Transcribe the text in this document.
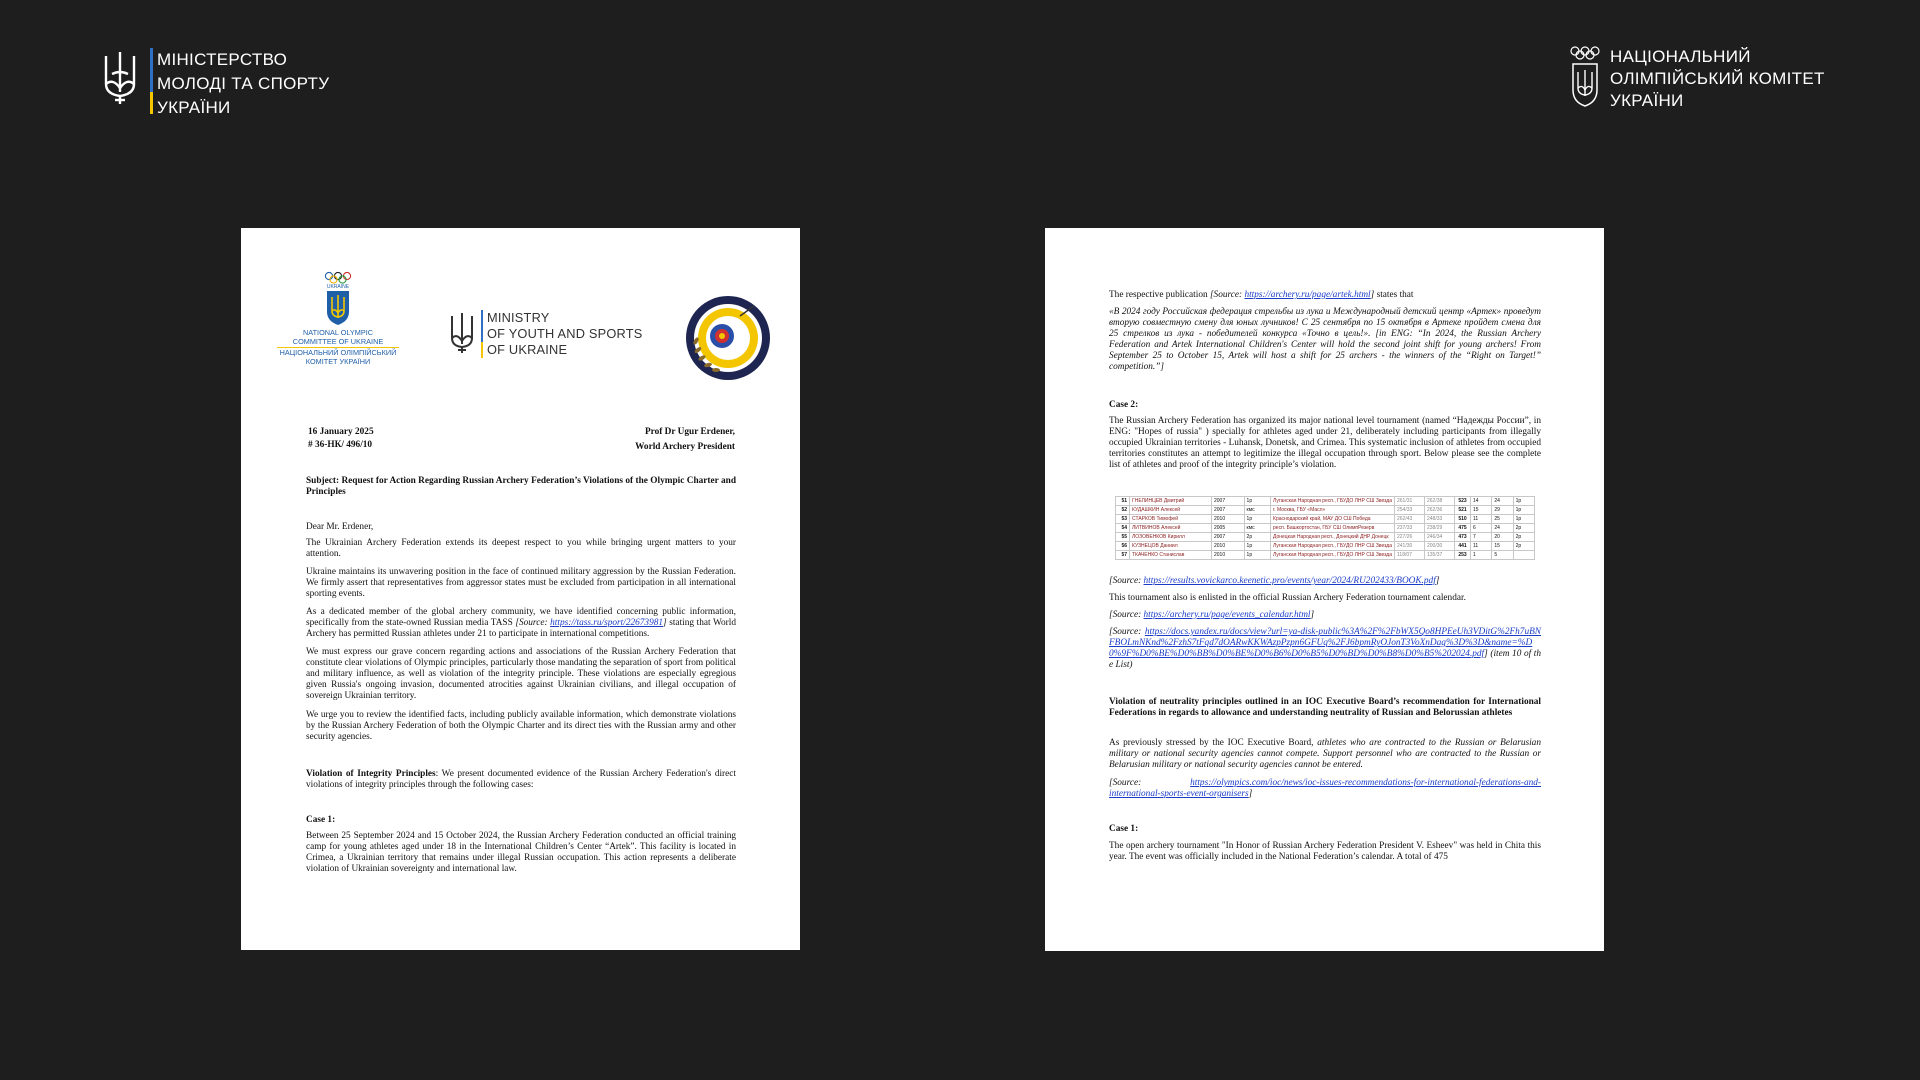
МІНІСТЕРСТВО
МОЛОДІ ТА СПОРТУ
УКРАЇНИ
НАЦІОНАЛЬНИЙ
ОЛІМПІЙСЬКИЙ КОМІТЕТ
УКРАЇНИ
UKRAINE
NATIONAL OLYMPIC
COMMITTEE OF UKRAINE
НАЦІОНАЛЬНИЙ ОЛІМПІЙСЬКИЙ
КОМІТЕТ УКРАЇНИ
MINISTRY
OF YOUTH AND SPORTS
OF UKRAINE
16 January 2025
# 36-НК/ 496/10
Prof Dr Ugur Erdener,
World Archery President
Subject: Request for Action Regarding Russian Archery Federation’s Violations of the Olympic Charter and Principles
Dear Mr. Erdener,
The Ukrainian Archery Federation extends its deepest respect to you while bringing urgent matters to your attention.
Ukraine maintains its unwavering position in the face of continued military aggression by the Russian Federation. We firmly assert that representatives from aggressor states must be excluded from participation in all international sporting events.
As a dedicated member of the global archery community, we have identified concerning public information, specifically from the state-owned Russian media TASS [Source: https://tass.ru/sport/22673981] stating that World Archery has permitted Russian athletes under 21 to participate in international competitions.
We must express our grave concern regarding actions and associations of the Russian Archery Federation that constitute clear violations of Olympic principles, particularly those mandating the separation of sport from political and military influence, as well as violation of the integrity principle. These violations are especially egregious given Russia's ongoing invasion, documented atrocities against Ukrainian civilians, and illegal occupation of sovereign Ukrainian territory.
We urge you to review the identified facts, including publicly available information, which demonstrate violations by the Russian Archery Federation of both the Olympic Charter and its direct ties with the Russian army and other security agencies.
Violation of Integrity Principles: We present documented evidence of the Russian Archery Federation's direct violations of integrity principles through the following cases:
Case 1:
Between 25 September 2024 and 15 October 2024, the Russian Archery Federation conducted an official training camp for young athletes aged under 18 in the International Children’s Center “Artek”. This facility is located in Crimea, a Ukrainian territory that remains under illegal Russian occupation. This action represents a deliberate violation of Ukrainian sovereignty and international law.
The respective publication [Source: https://archery.ru/page/artek.html] states that
«В 2024 году Российская федерация стрельбы из лука и Международный детский центр «Артек» проведут вторую совместную смену для юных лучников! С 25 сентября по 15 октября в Артеке пройдет смена для 25 стрелков из лука - победителей конкурса «Точно в цель!». [in ENG: “In 2024, the Russian Archery Federation and Artek International Children's Center will hold the second joint shift for young archers! From September 25 to October 15, Artek will host a shift for 25 archers - the winners of the “Right on Target!” competition.”]
Case 2:
The Russian Archery Federation has organized its major national level tournament (named “Надежды России”, in ENG: "Hopes of russia" ) specially for athletes aged under 21, deliberately including participants from illegally occupied Ukrainian territories - Luhansk, Donetsk, and Crimea. This systematic inclusion of athletes from occupied territories constitutes an attempt to legitimize the illegal occupation through sport. Below please see the complete list of athletes and proof of the integrity principle’s violation.
51	ГНЕЛИНЦЕВ Дмитрий	2007	1р	Луганская Народная респ., ГБУДО ЛНР СШ Звезда	261/31	262/38	523	14	24	1р
52	КУДАШКИН Алексей	2007	кмс	г. Москва, ГБУ «Масл»	254/33	262/36	521	15	29	1р
53	СТАРКОВ Тимофей	2010	1р	Краснодарский край, МАУ ДО СШ Победа	262/43	248/33	510	11	25	1р
54	ЛИТВИНОВ Алексей	2005	кмс	респ. Башкортостан, ГБУ СШ ОлимпРезерв	237/33	238/29	475	6	24	2р
55	ЛОЗОВЕНКОВ Кирилл	2007	2р	Донецкая Народная респ., Донецкий ДНР Донецк	227/26	246/34	473	7	20	2р
56	КУЗНЕЦОВ Даниил	2010	1р	Луганская Народная респ., ГБУДО ЛНР СШ Звезда	241/30	200/30	441	11	15	2р
57	ТКАЧЕНКО Станислав	2010	1р	Луганская Народная респ., ГБУДО ЛНР СШ Звезда	118/07	135/37	253	1	5	
[Source: https://results.vovickarco.keenetic.pro/events/year/2024/RU202433/BOOK.pdf]
This tournament also is enlisted in the official Russian Archery Federation tournament calendar.
[Source: https://archery.ru/page/events_calendar.html]
[Source: https://docs.yandex.ru/docs/view?url=ya-disk-public%3A%2F%2FbWX5Qo8HPEeUh3VDitG%2Fh7uBNFBOLmNKnd%2FzhS7tFqd7dOARwKKWAzpPzpn6GFUq%2FJ6bpmRyOJonT3VoXnDag%3D%3D&name=%D0%9F%D0%BE%D0%BB%D0%BE%D0%B6%D0%B5%D0%BD%D0%B8%D0%B5%202024.pdf] (item 10 of the List)
Violation of neutrality principles outlined in an IOC Executive Board’s recommendation for International Federations in regards to allowance and understanding neutrality of Russian and Belorussian athletes
As previously stressed by the IOC Executive Board, athletes who are contracted to the Russian or Belarusian military or national security agencies cannot compete. Support personnel who are contracted to the Russian or Belarusian military or national security agencies cannot be entered.
[Source: https://olympics.com/ioc/news/ioc-issues-recommendations-for-international-federations-and-international-sports-event-organisers]
Case 1:
The open archery tournament "In Honor of Russian Archery Federation President V. Esheev" was held in Chita this year. The event was officially included in the National Federation’s calendar. A total of 475
